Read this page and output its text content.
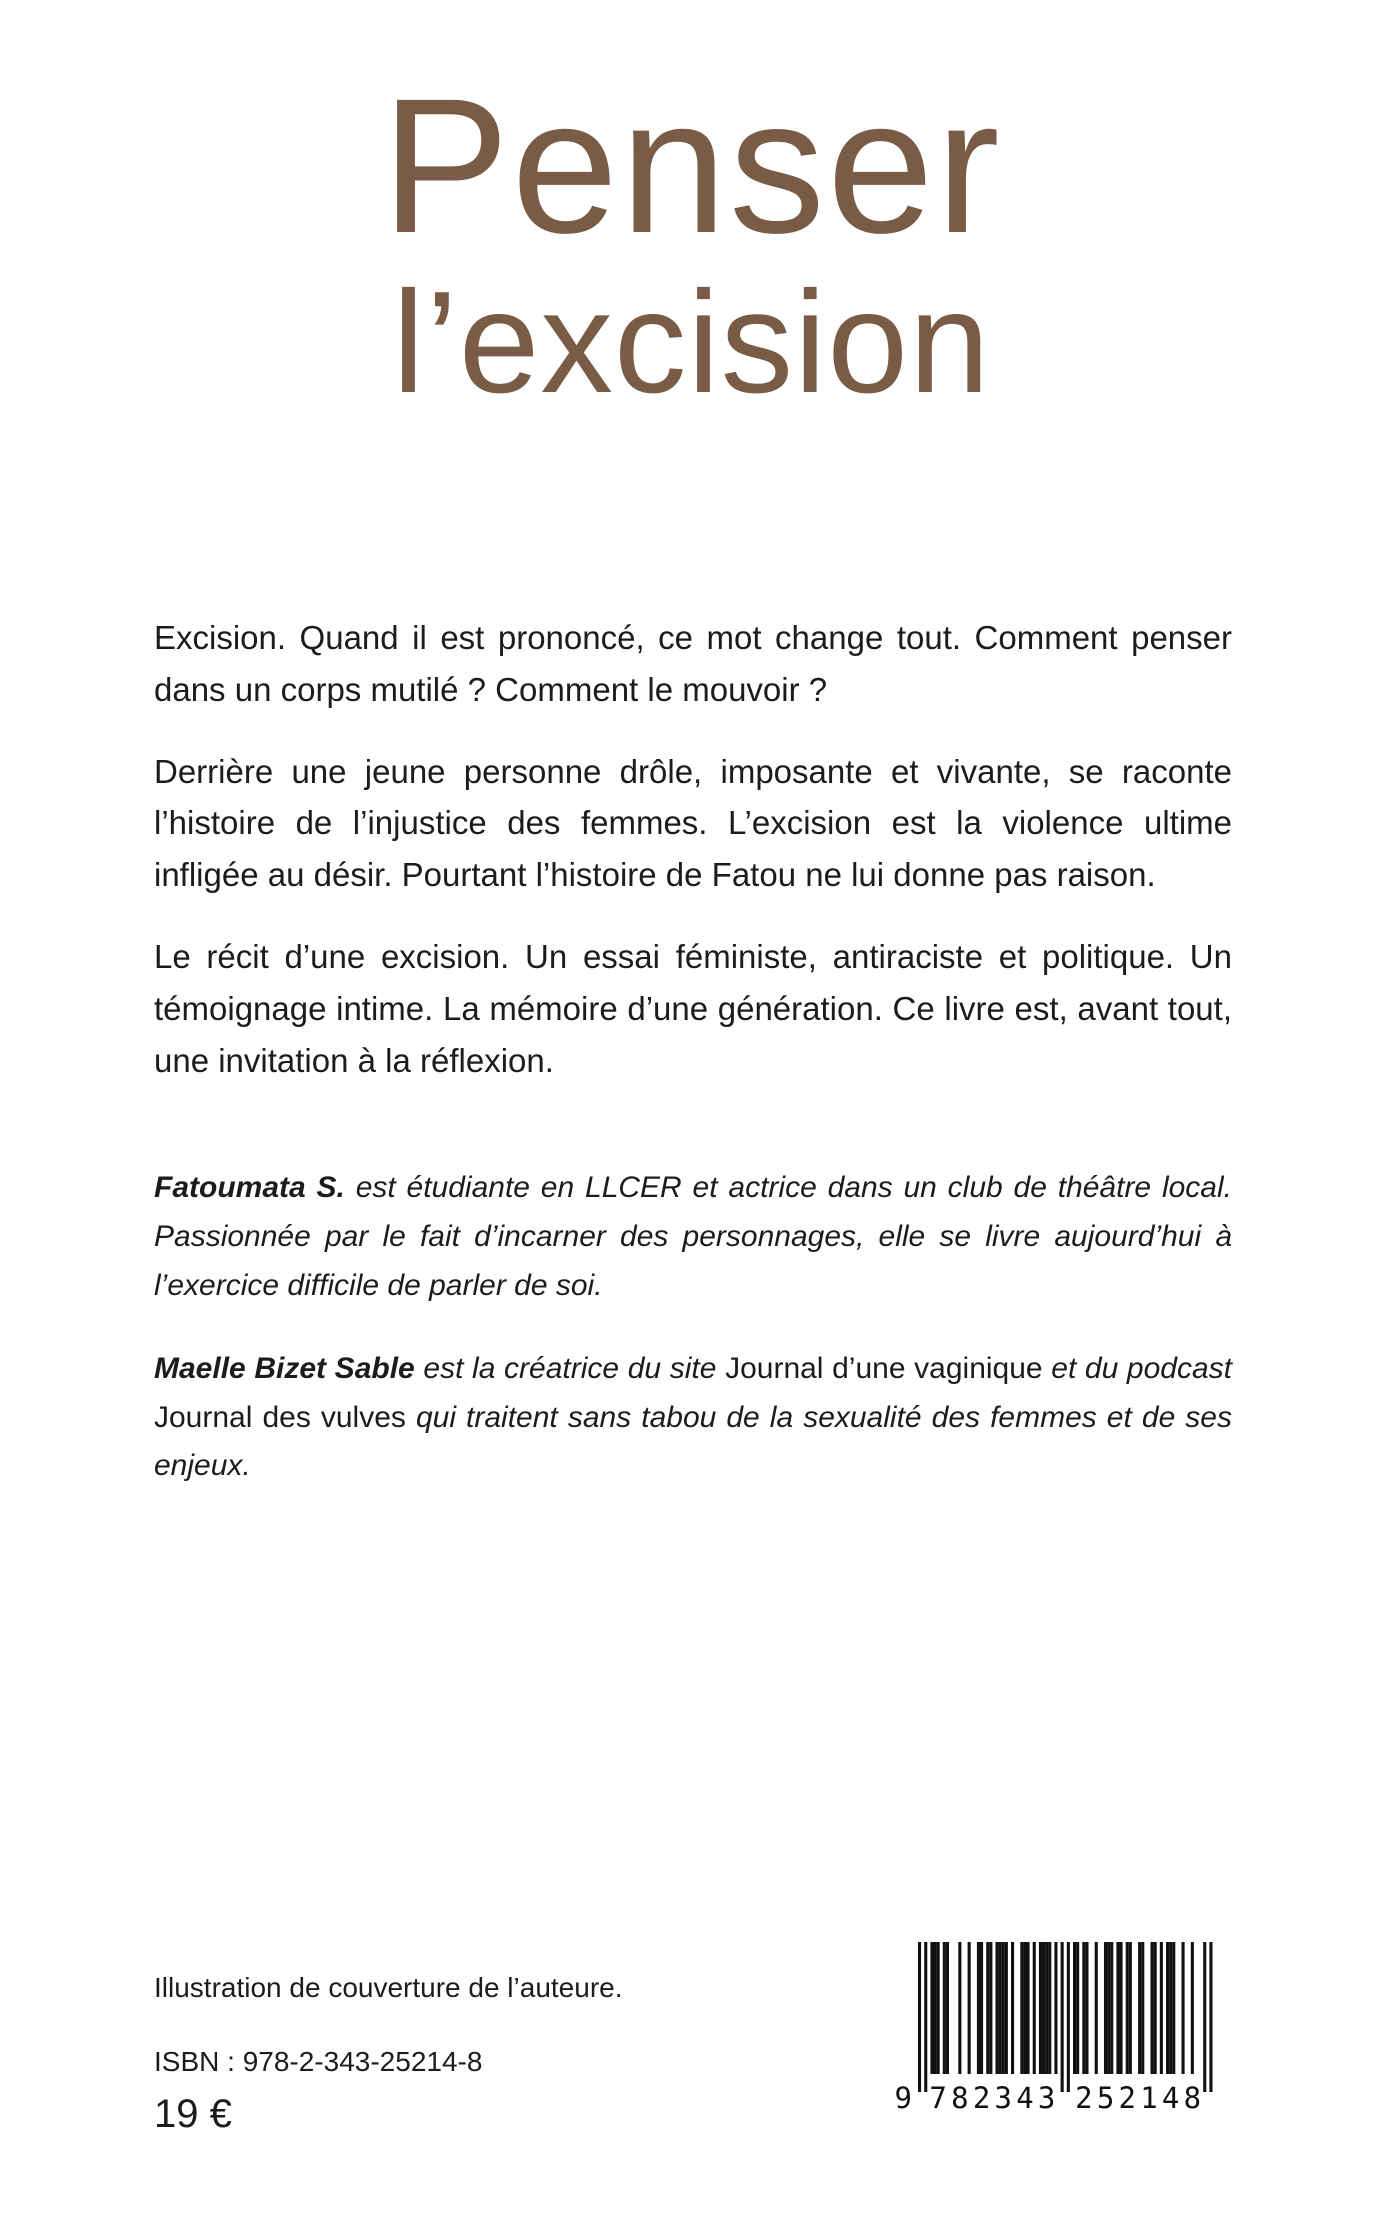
Penser
l’excision

Excision. Quand il est prononcé, ce mot change tout. Comment penser dans un corps mutilé ? Comment le mouvoir ?

Derrière une jeune personne drôle, imposante et vivante, se raconte l’histoire de l’injustice des femmes. L’excision est la violence ultime infligée au désir. Pourtant l’histoire de Fatou ne lui donne pas raison.

Le récit d’une excision. Un essai féministe, antiraciste et politique. Un témoignage intime. La mémoire d’une génération. Ce livre est, avant tout, une invitation à la réflexion.

Fatoumata S. est étudiante en LLCER et actrice dans un club de théâtre local. Passionnée par le fait d’incarner des personnages, elle se livre aujourd’hui à l’exercice difficile de parler de soi.

Maelle Bizet Sable est la créatrice du site Journal d’une vaginique et du podcast Journal des vulves qui traitent sans tabou de la sexualité des femmes et de ses enjeux.

Illustration de couverture de l’auteure.

ISBN : 978-2-343-25214-8

19 €	9 7	2
8	5
2	2
3	1
4	4
3	8
